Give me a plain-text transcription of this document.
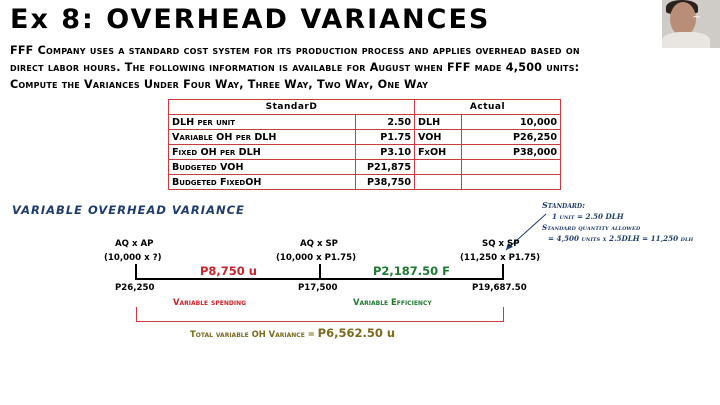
Ex 8: OVERHEAD VARIANCES	~
FFF Company uses a standard cost system for its production process and applies overhead based on
direct labor hours. The following information is available for August when FFF made 4,500 units:
Compute the Variances Under Four Way, Three Way, Two Way, One Way
StandarD		Actual	
DLH per unit	2.50	DLH	10,000
Variable OH per DLH	P1.75	VOH	P26,250
Fixed OH per DLH	P3.10	FxOH	P38,000
Budgeted VOH	P21,875		
Budgeted FixedOH	P38,750		
VARIABLE OVERHEAD VARIANCE	Standard:
1 unit = 2.50 DLH
Standard quantity allowed
= 4,500 units x 2.5DLH = 11,250 dlh
AQ x AP
(10,000 x ?)
AQ x SP
(10,000 x P1.75)
SQ x SP
(11,250 x P1.75)
P8,750 u	P2,187.50 F
P26,250	P17,500	P19,687.50
Variable spending	Variable Efficiency
Total variable OH Variance = P6,562.50 u
